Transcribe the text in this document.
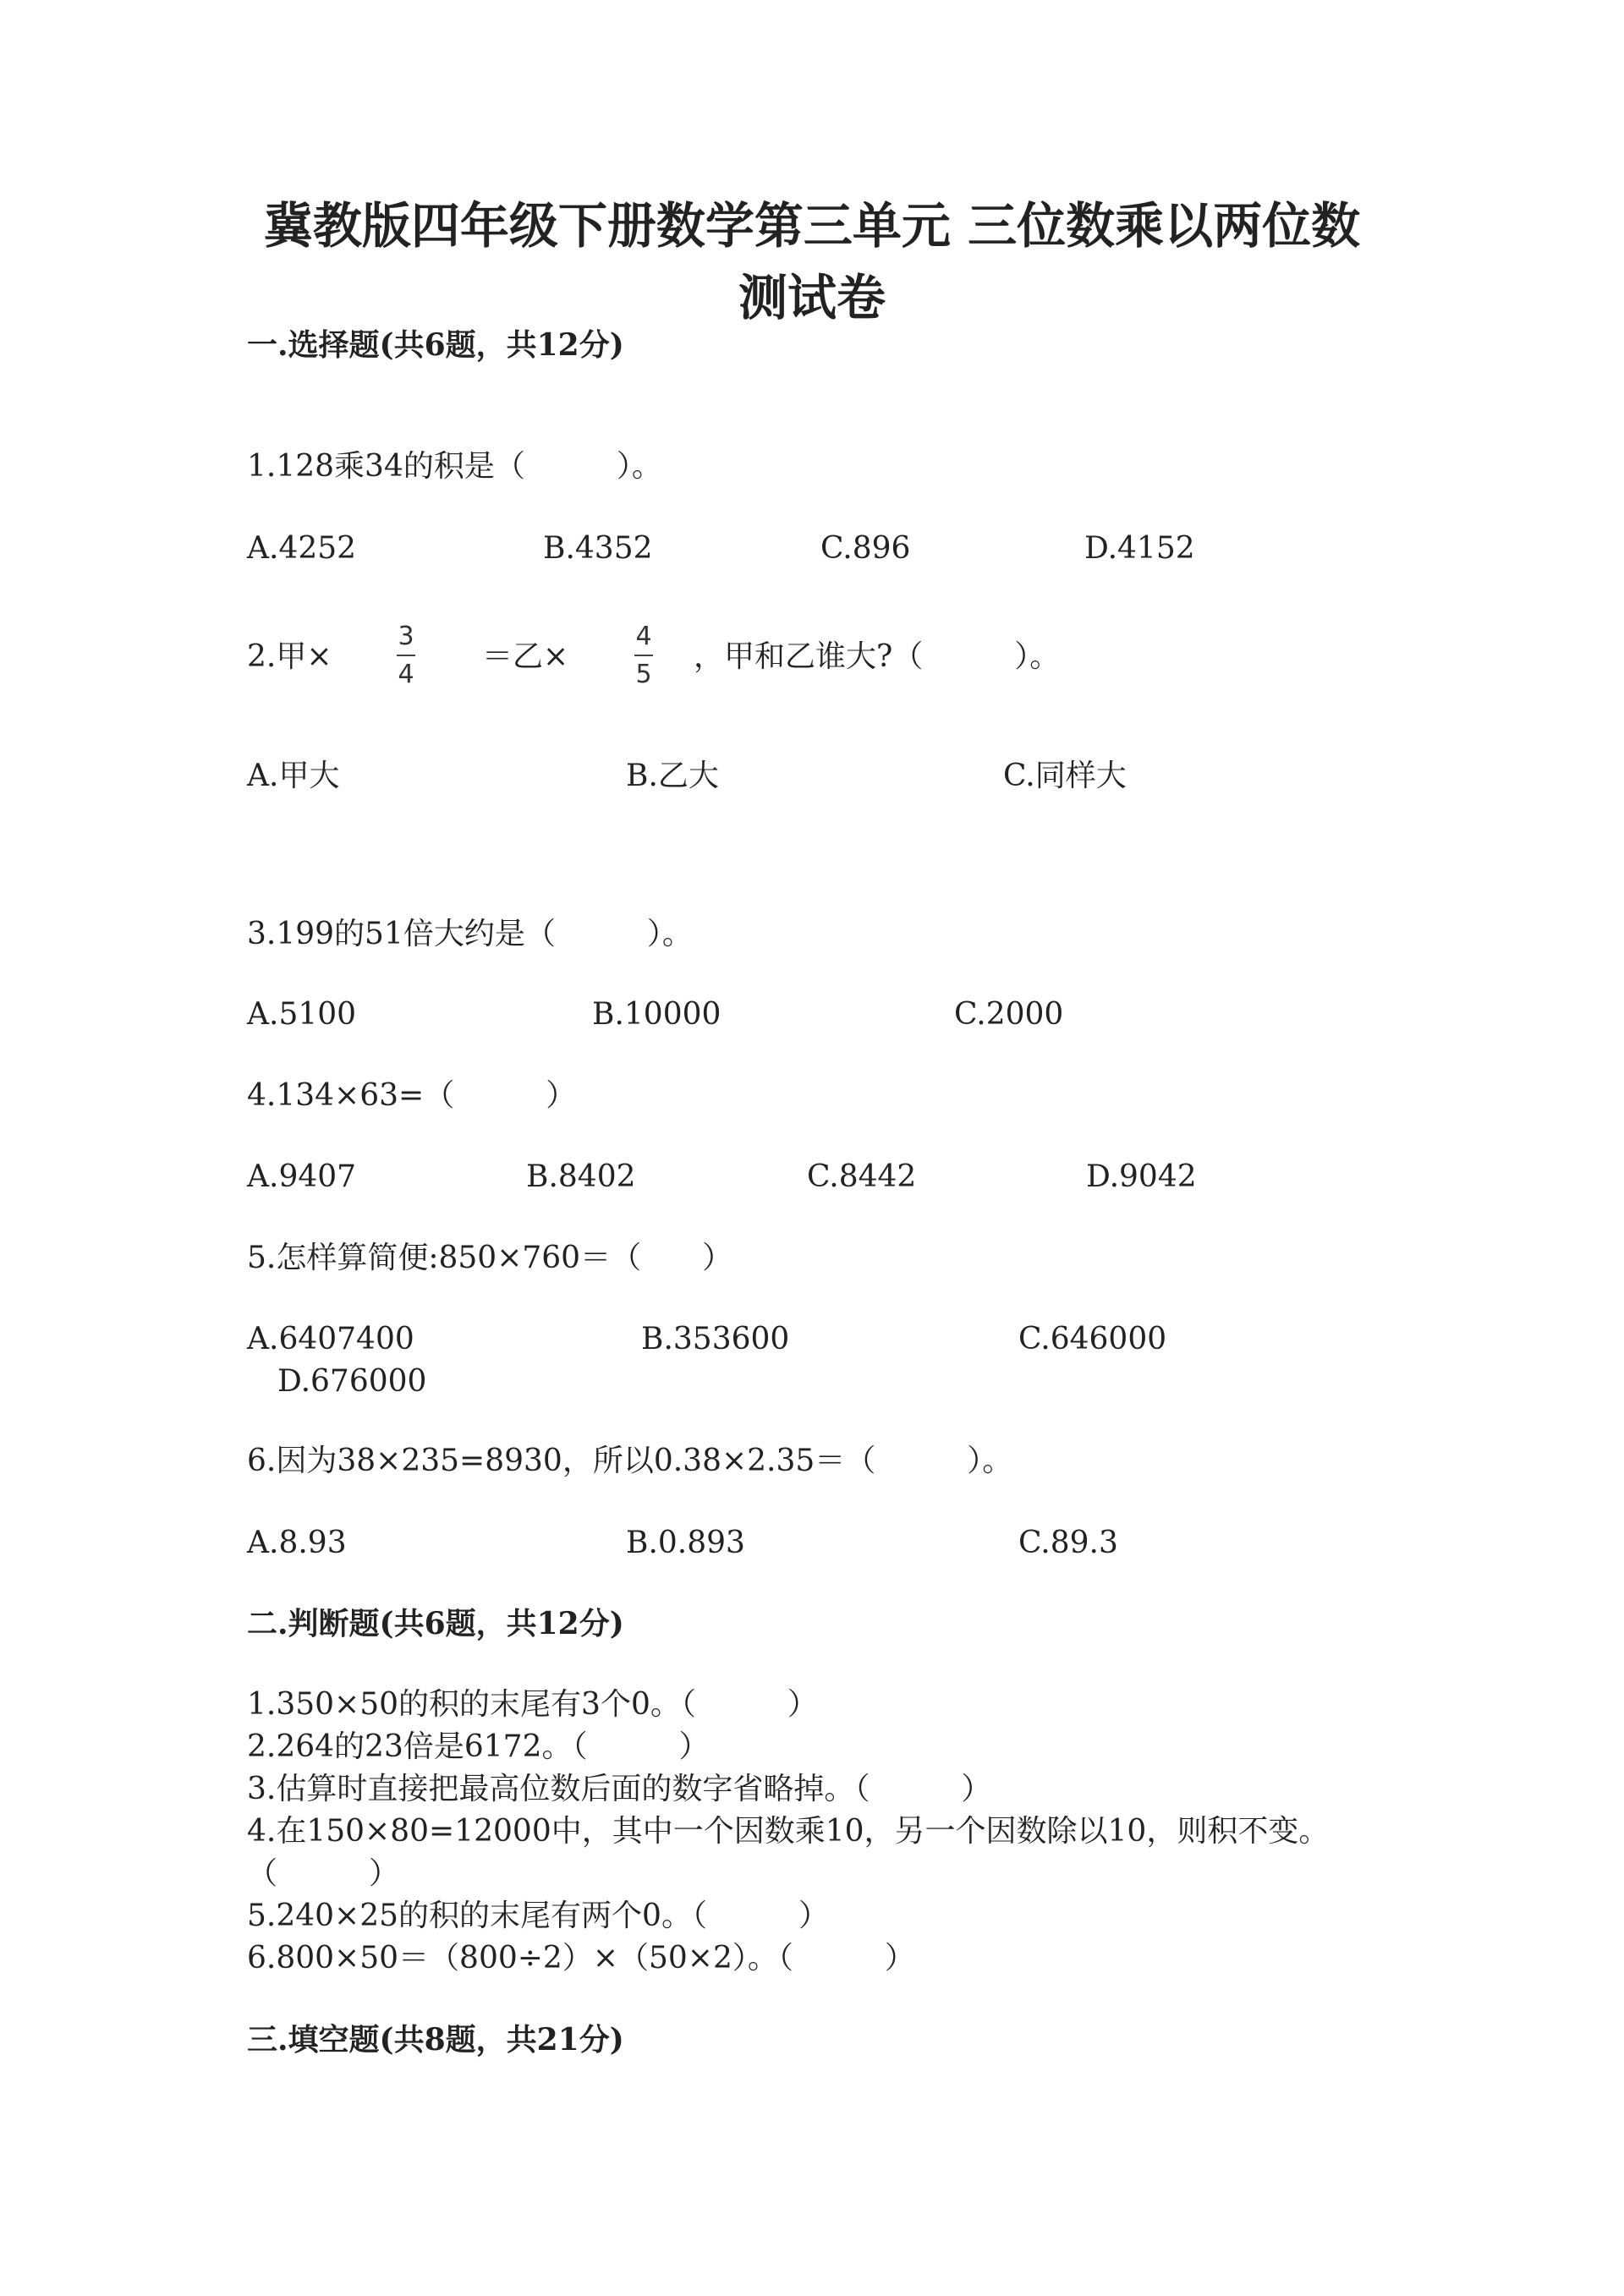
冀教版四年级下册数学第三单元 三位数乘以两位数
测试卷
一.选择题(共6题，共12分)
1.128乘34的积是（　　　）。
A.4252	B.4352	C.896	D.4152
2.甲×
3
4
＝乙×
4
5
，甲和乙谁大?（　　　）。
A.甲大	B.乙大	C.同样大
3.199的51倍大约是（　　　）。
A.5100	B.10000	C.2000
4.134×63=（　　　）
A.9407	B.8402	C.8442	D.9042
5.怎样算简便:850×760＝（　　）
A.6407400	B.353600	C.646000
D.676000
6.因为38×235=8930，所以0.38×2.35＝（　　　）。
A.8.93	B.0.893	C.89.3
二.判断题(共6题，共12分)
1.350×50的积的末尾有3个0。（　　　）
2.264的23倍是6172。（　　　）
3.估算时直接把最高位数后面的数字省略掉。（　　　）
4.在150×80=12000中，其中一个因数乘10，另一个因数除以10，则积不变。
（　　　）
5.240×25的积的末尾有两个0。（　　　）
6.800×50＝（800÷2）×（50×2）。（　　　）
三.填空题(共8题，共21分)
